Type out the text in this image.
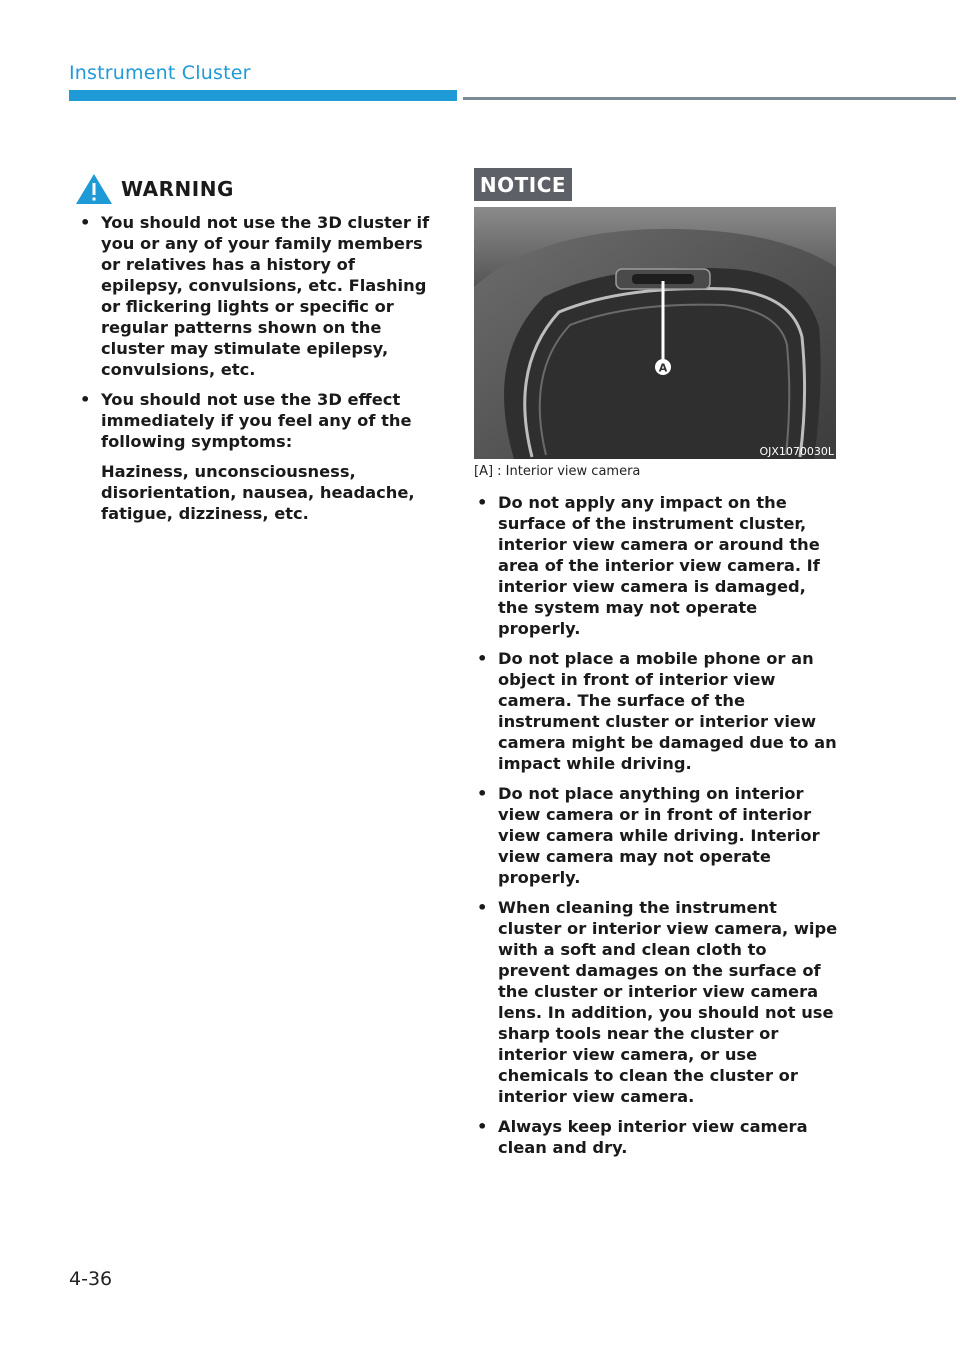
Instrument Cluster
WARNING
• You should not use the 3D cluster if you or any of your family members or relatives has a history of epilepsy, convulsions, etc. Flashing or flickering lights or specific or regular patterns shown on the cluster may stimulate epilepsy, convulsions, etc.
• You should not use the 3D effect immediately if you feel any of the following symptoms:

Haziness, unconsciousness, disorientation, nausea, headache, fatigue, dizziness, etc.

NOTICE
A
OJX1070030L
[A] : Interior view camera
• Do not apply any impact on the surface of the instrument cluster, interior view camera or around the area of the interior view camera. If interior view camera is damaged, the system may not operate properly.
• Do not place a mobile phone or an object in front of interior view camera. The surface of the instrument cluster or interior view camera might be damaged due to an impact while driving.
• Do not place anything on interior view camera or in front of interior view camera while driving. Interior view camera may not operate properly.
• When cleaning the instrument cluster or interior view camera, wipe with a soft and clean cloth to prevent damages on the surface of the cluster or interior view camera lens. In addition, you should not use sharp tools near the cluster or interior view camera, or use chemicals to clean the cluster or interior view camera.
• Always keep interior view camera clean and dry.
4-36
